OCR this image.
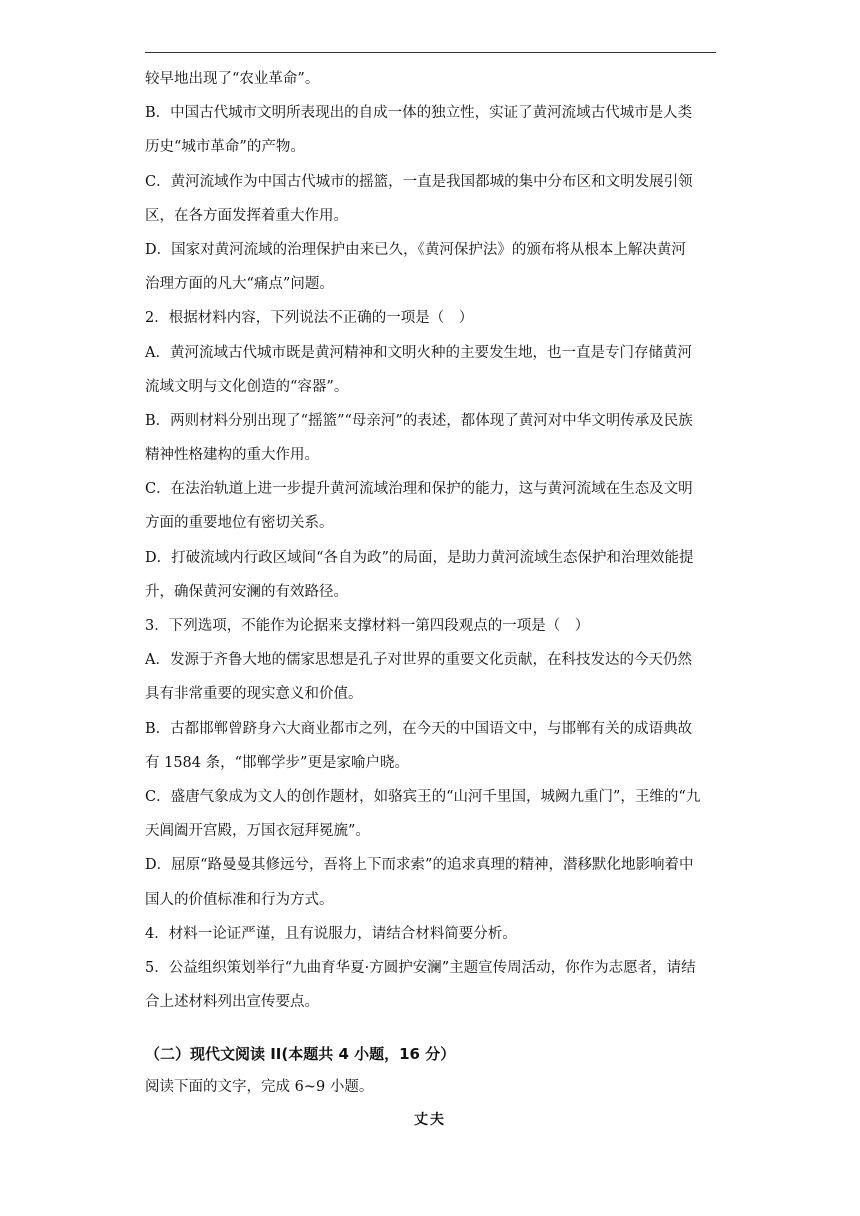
较早地出现了“农业革命”。
B．中国古代城市文明所表现出的自成一体的独立性，实证了黄河流域古代城市是人类
历史“城市革命”的产物。
C．黄河流域作为中国古代城市的摇篮，一直是我国都城的集中分布区和文明发展引领
区，在各方面发挥着重大作用。
D．国家对黄河流域的治理保护由来已久，《黄河保护法》的颁布将从根本上解决黄河
治理方面的凡大“痛点”问题。
2．根据材料内容，下列说法不正确的一项是（　）
A．黄河流域古代城市既是黄河精神和文明火种的主要发生地，也一直是专门存储黄河
流域文明与文化创造的“容器”。
B．两则材料分别出现了“摇篮”“母亲河”的表述，都体现了黄河对中华文明传承及民族
精神性格建构的重大作用。
C．在法治轨道上进一步提升黄河流域治理和保护的能力，这与黄河流域在生态及文明
方面的重要地位有密切关系。
D．打破流域内行政区域间“各自为政”的局面，是助力黄河流域生态保护和治理效能提
升，确保黄河安澜的有效路径。
3．下列选项，不能作为论据来支撑材料一第四段观点的一项是（　）
A．发源于齐鲁大地的儒家思想是孔子对世界的重要文化贡献，在科技发达的今天仍然
具有非常重要的现实意义和价值。
B．古都邯郸曾跻身六大商业都市之列，在今天的中国语文中，与邯郸有关的成语典故
有 1584 条，“邯郸学步”更是家喻户晓。
C．盛唐气象成为文人的创作题材，如骆宾王的“山河千里国，城阙九重门”，王维的“九
天阊阖开宫殿，万国衣冠拜冕旒”。
D．屈原“路曼曼其修远兮，吾将上下而求索”的追求真理的精神，潜移默化地影响着中
国人的价值标准和行为方式。
4．材料一论证严谨，且有说服力，请结合材料简要分析。
5．公益组织策划举行“九曲育华夏·方圆护安澜”主题宣传周活动，你作为志愿者，请结
合上述材料列出宣传要点。
（二）现代文阅读 II(本题共 4 小题，16 分）
阅读下面的文字，完成 6~9 小题。
丈夫
